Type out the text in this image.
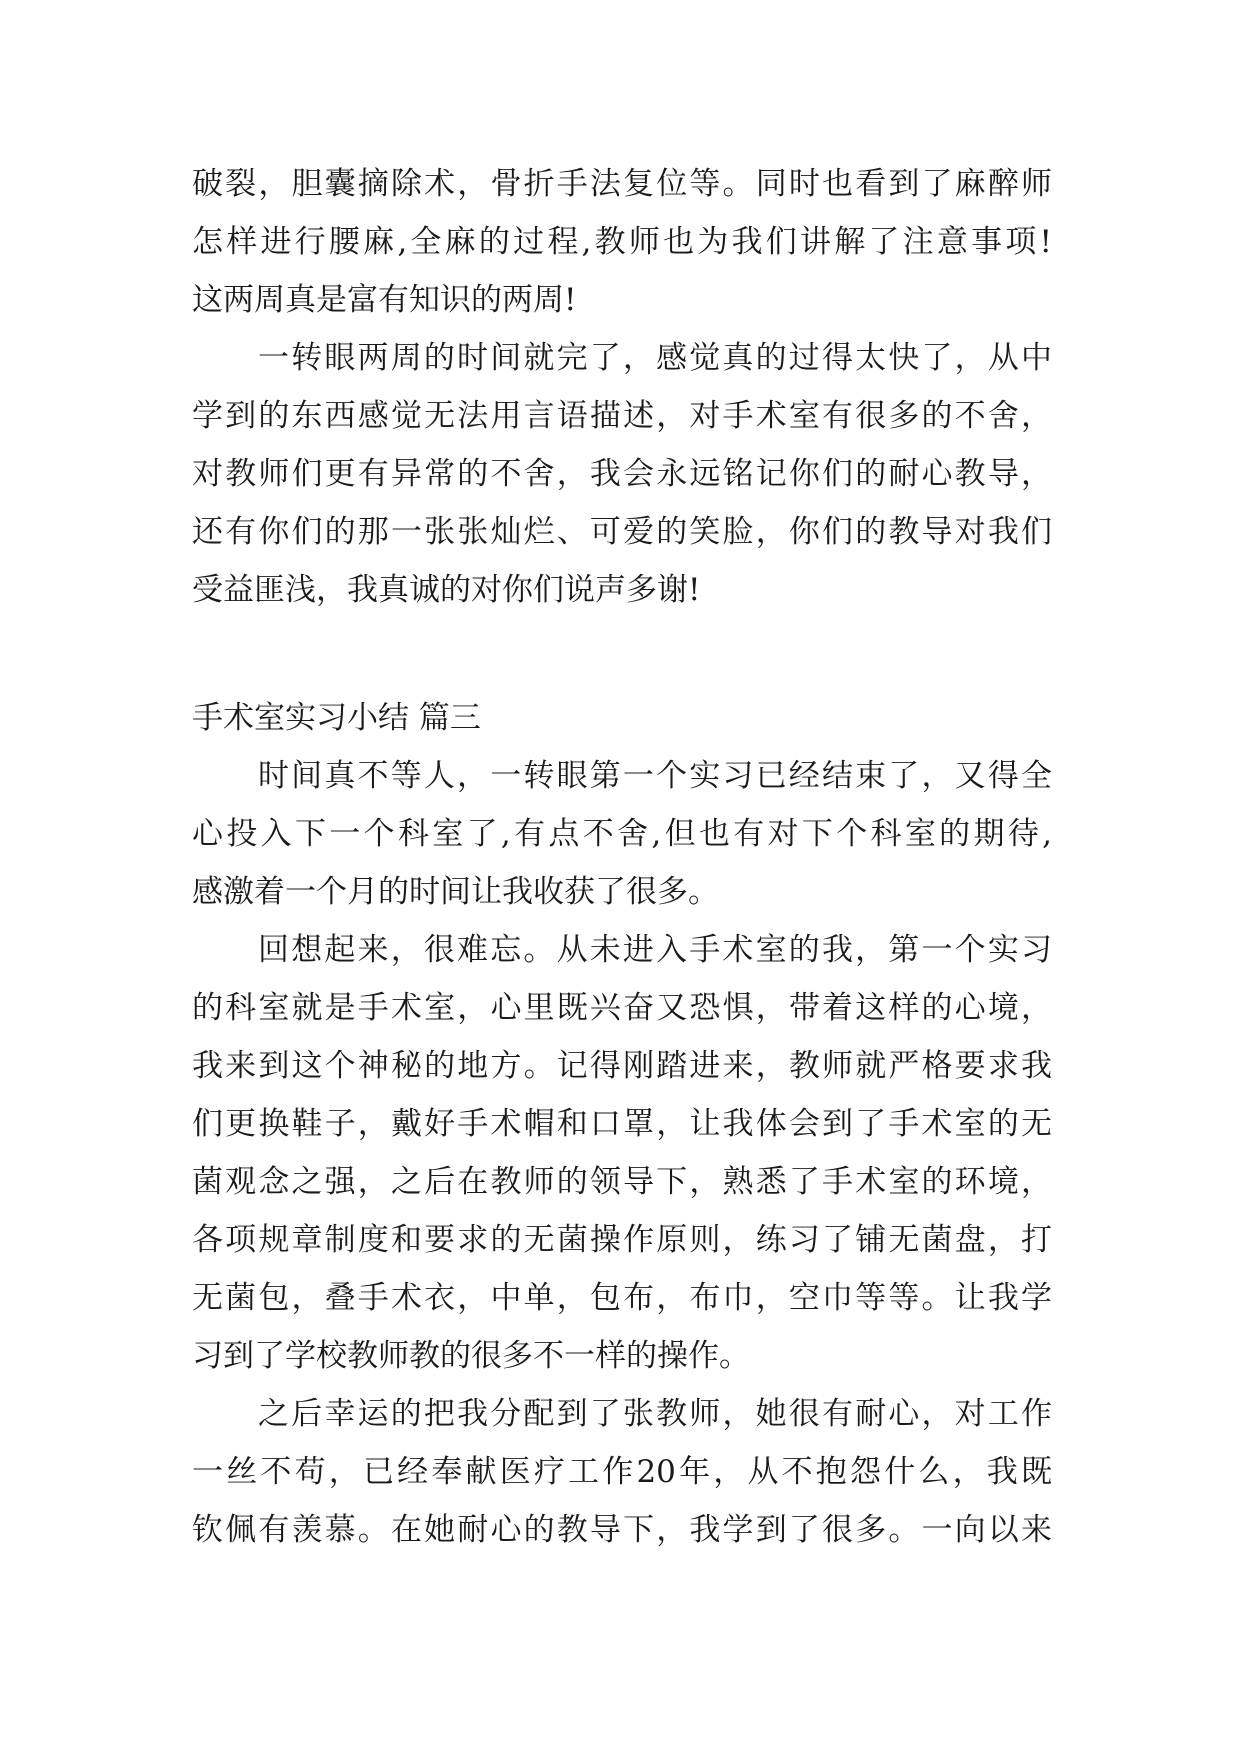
破裂，胆囊摘除术，骨折手法复位等。同时也看到了麻醉师
怎样进行腰麻,全麻的过程,教师也为我们讲解了注意事项!
这两周真是富有知识的两周!
一转眼两周的时间就完了，感觉真的过得太快了，从中
学到的东西感觉无法用言语描述，对手术室有很多的不舍，
对教师们更有异常的不舍，我会永远铭记你们的耐心教导，
还有你们的那一张张灿烂、可爱的笑脸，你们的教导对我们
受益匪浅，我真诚的对你们说声多谢!
手术室实习小结 篇三
时间真不等人，一转眼第一个实习已经结束了，又得全
心投入下一个科室了,有点不舍,但也有对下个科室的期待,
感激着一个月的时间让我收获了很多。
回想起来，很难忘。从未进入手术室的我，第一个实习
的科室就是手术室，心里既兴奋又恐惧，带着这样的心境，
我来到这个神秘的地方。记得刚踏进来，教师就严格要求我
们更换鞋子，戴好手术帽和口罩，让我体会到了手术室的无
菌观念之强，之后在教师的领导下，熟悉了手术室的环境，
各项规章制度和要求的无菌操作原则，练习了铺无菌盘，打
无菌包，叠手术衣，中单，包布，布巾，空巾等等。让我学
习到了学校教师教的很多不一样的操作。
之后幸运的把我分配到了张教师，她很有耐心，对工作
一丝不苟，已经奉献医疗工作20年，从不抱怨什么，我既
钦佩有羡慕。在她耐心的教导下，我学到了很多。一向以来
